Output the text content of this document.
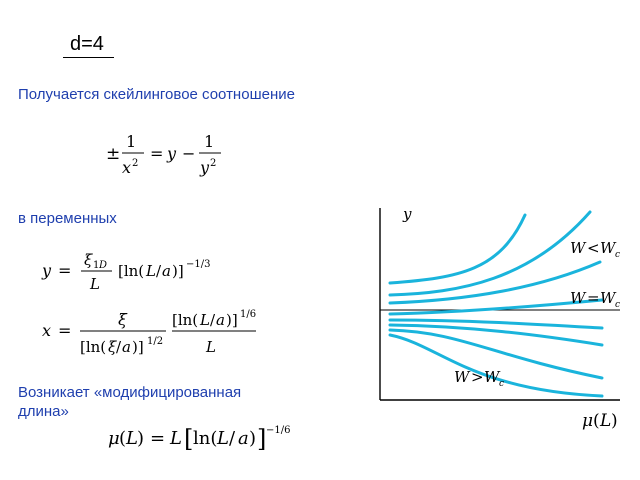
d=4
Получается скейлинговое соотношение
±
1
x 2
= y −
1
y 2
в переменных
y =
ξ 1 D
L
[ln( L / a )] −1/3
x =
ξ
[ln( ξ / a )] 1/2
[ln( L / a )] 1/6
L
Возникает «модифицированная
длина»
μ ( L ) = L [ ln( L / a ) ] −1/6
y
W < W c
W = W c
W > W c
μ ( L )
